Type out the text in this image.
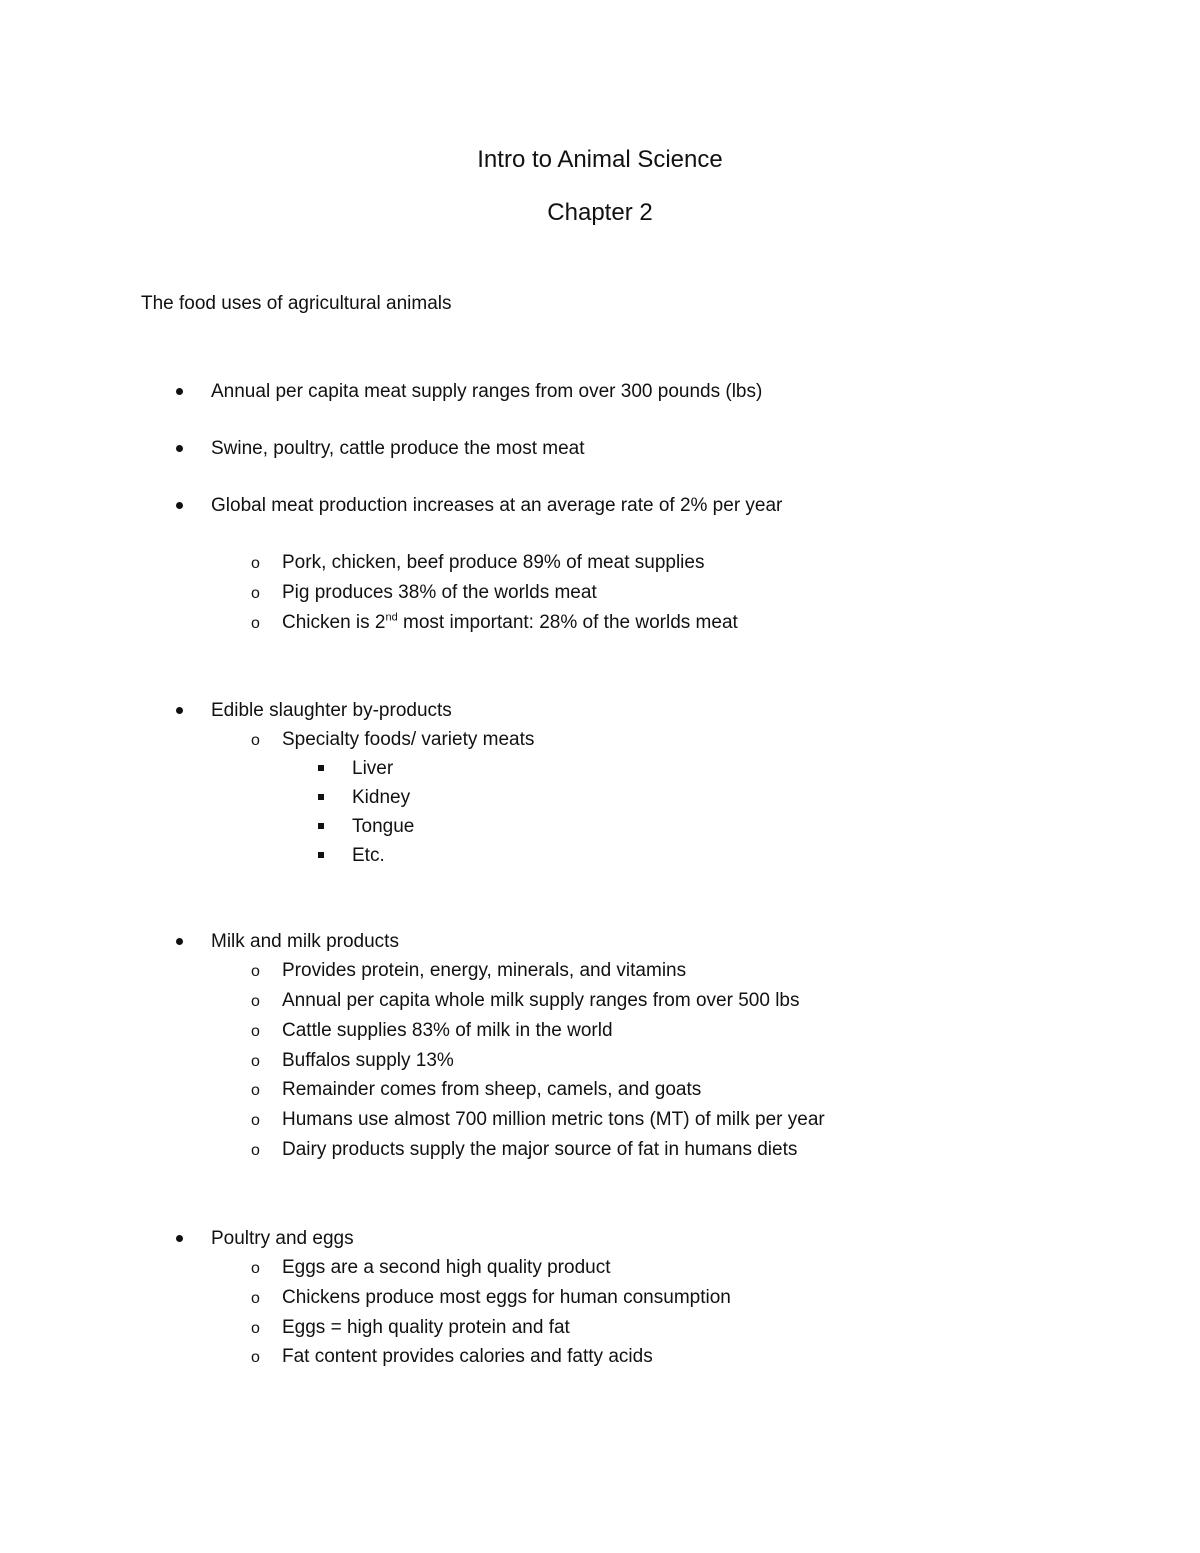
Intro to Animal Science
Chapter 2
The food uses of agricultural animals
Annual per capita meat supply ranges from over 300 pounds (lbs)
Swine, poultry, cattle produce the most meat
Global meat production increases at an average rate of 2% per year
o Pork, chicken, beef produce 89% of meat supplies
o Pig produces 38% of the worlds meat
o Chicken is 2nd most important: 28% of the worlds meat
Edible slaughter by-products
o Specialty foods/ variety meats
Liver
Kidney
Tongue
Etc.
Milk and milk products
o Provides protein, energy, minerals, and vitamins
o Annual per capita whole milk supply ranges from over 500 lbs
o Cattle supplies 83% of milk in the world
o Buffalos supply 13%
o Remainder comes from sheep, camels, and goats
o Humans use almost 700 million metric tons (MT) of milk per year
o Dairy products supply the major source of fat in humans diets
Poultry and eggs
o Eggs are a second high quality product
o Chickens produce most eggs for human consumption
o Eggs = high quality protein and fat
o Fat content provides calories and fatty acids
